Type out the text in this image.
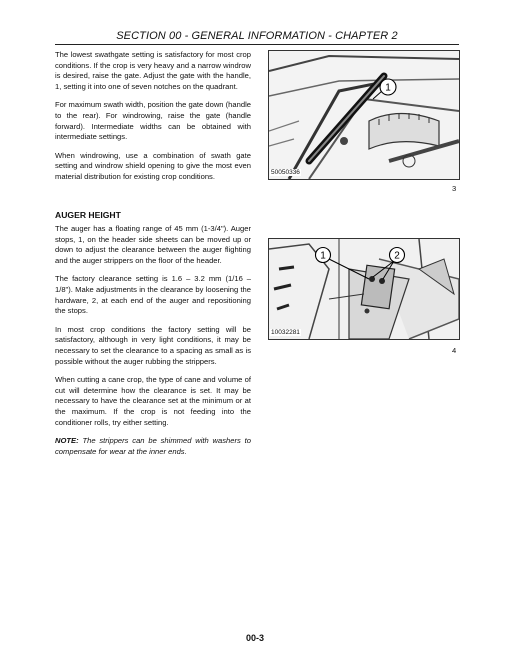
SECTION 00 - GENERAL INFORMATION - CHAPTER 2

The lowest swathgate setting is satisfactory for most crop conditions. If the crop is very heavy and a narrow windrow is desired, raise the gate. Adjust the gate with the handle, 1, setting it into one of seven notches on the quadrant.

For maximum swath width, position the gate down (handle to the rear). For windrowing, raise the gate (handle forward). Intermediate widths can be obtained with intermediate settings.

When windrowing, use a combination of swath gate setting and windrow shield opening to give the most even material distribution for existing crop conditions.

1
50050336
3
AUGER HEIGHT

The auger has a floating range of 45 mm (1-3/4"). Auger stops, 1, on the header side sheets can be moved up or down to adjust the clearance between the auger flighting and the auger strippers on the floor of the header.

The factory clearance setting is 1.6 – 3.2 mm (1/16 – 1/8"). Make adjustments in the clearance by loosening the hardware, 2, at each end of the auger and repositioning the stops.

In most crop conditions the factory setting will be satisfactory, although in very light conditions, it may be necessary to set the clearance to a spacing as small as is possible without the auger rubbing the strippers.

When cutting a cane crop, the type of cane and volume of cut will determine how the clearance is set. It may be necessary to have the clearance set at the minimum or at the maximum. If the crop is not feeding into the conditioner rolls, try either setting.

NOTE: The strippers can be shimmed with washers to compensate for wear at the inner ends.

1	2
10032281
4
00-3
